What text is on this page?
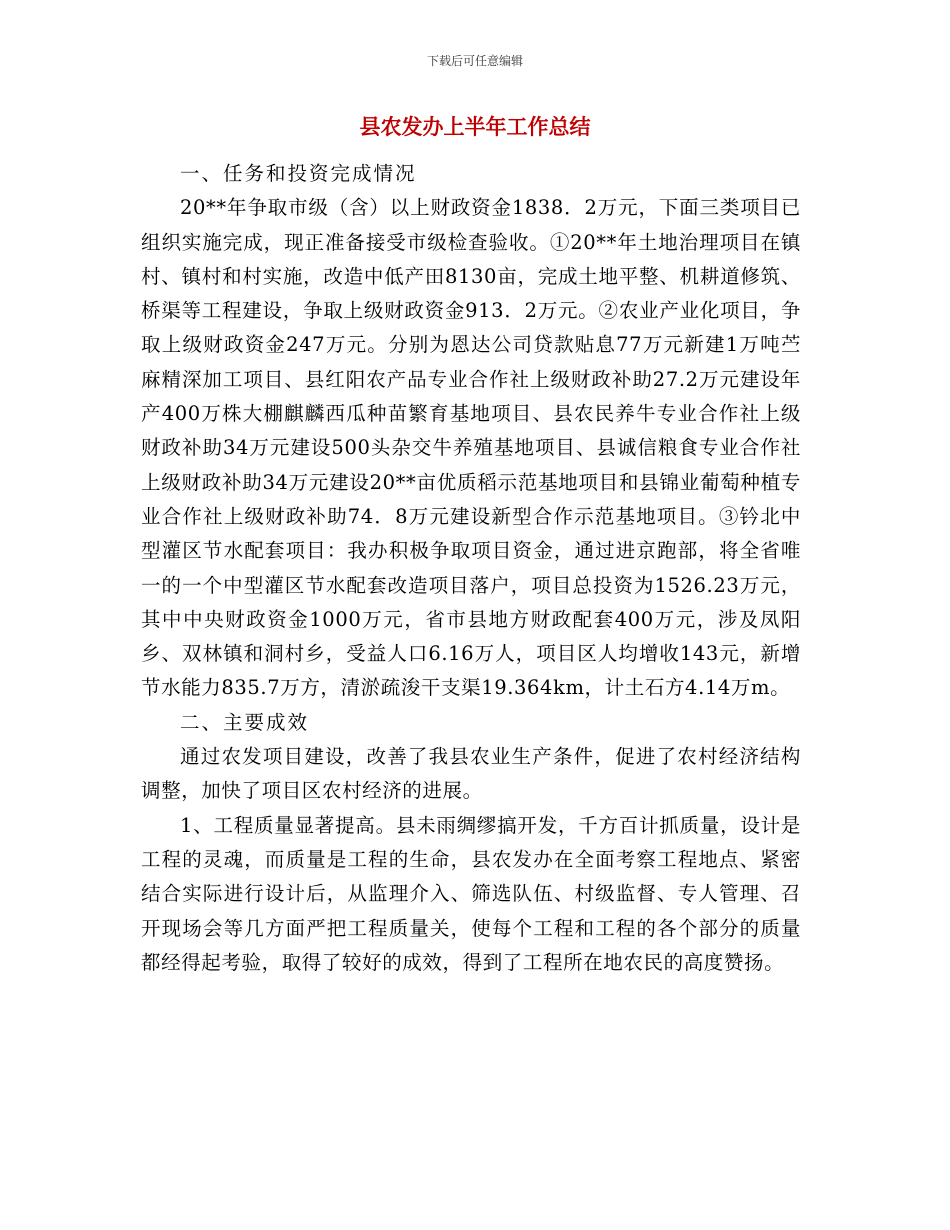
下载后可任意编辑
县农发办上半年工作总结

一、任务和投资完成情况

20**年争取市级（含）以上财政资金1838．2万元，下面三类项目已组织实施完成，现正准备接受市级检查验收。①20**年土地治理项目在镇村、镇村和村实施，改造中低产田8130亩，完成土地平整、机耕道修筑、桥渠等工程建设，争取上级财政资金913．2万元。②农业产业化项目，争取上级财政资金247万元。分别为恩达公司贷款贴息77万元新建1万吨苎麻精深加工项目、县红阳农产品专业合作社上级财政补助27.2万元建设年产400万株大棚麒麟西瓜种苗繁育基地项目、县农民养牛专业合作社上级财政补助34万元建设500头杂交牛养殖基地项目、县诚信粮食专业合作社上级财政补助34万元建设20**亩优质稻示范基地项目和县锦业葡萄种植专业合作社上级财政补助74．8万元建设新型合作示范基地项目。③钤北中型灌区节水配套项目：我办积极争取项目资金，通过进京跑部，将全省唯一的一个中型灌区节水配套改造项目落户，项目总投资为1526.23万元，其中中央财政资金1000万元，省市县地方财政配套400万元，涉及凤阳乡、双林镇和洞村乡，受益人口6.16万人，项目区人均增收143元，新增节水能力835.7万方，清淤疏浚干支渠19.364km，计土石方4.14万m。

二、主要成效

通过农发项目建设，改善了我县农业生产条件，促进了农村经济结构调整，加快了项目区农村经济的进展。

1、工程质量显著提高。县未雨绸缪搞开发，千方百计抓质量，设计是工程的灵魂，而质量是工程的生命，县农发办在全面考察工程地点、紧密结合实际进行设计后，从监理介入、筛选队伍、村级监督、专人管理、召开现场会等几方面严把工程质量关，使每个工程和工程的各个部分的质量都经得起考验，取得了较好的成效，得到了工程所在地农民的高度赞扬。
